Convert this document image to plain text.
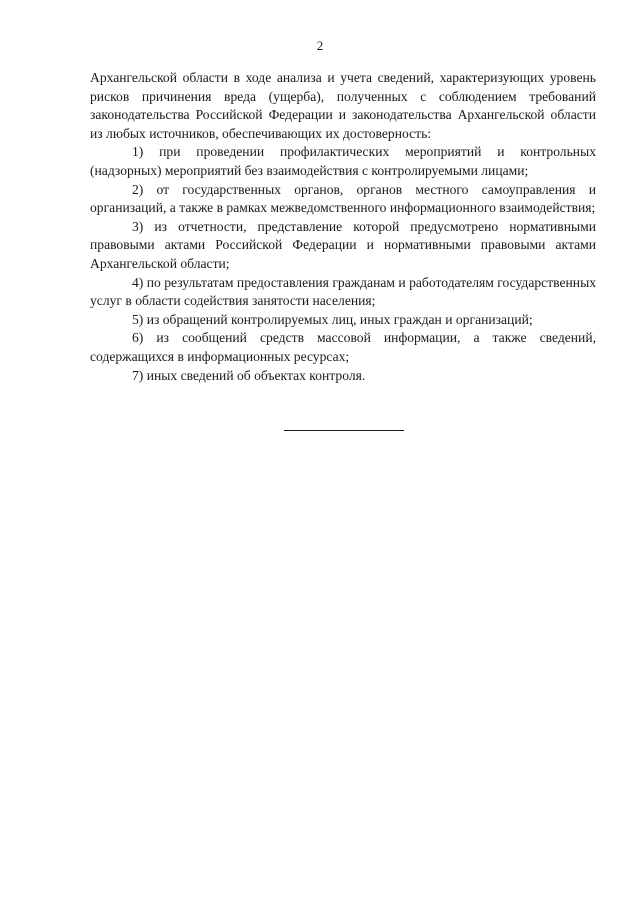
2

Архангельской области в ходе анализа и учета сведений, характеризующих уровень рисков причинения вреда (ущерба), полученных с соблюдением требований законодательства Российской Федерации и законодательства Архангельской области из любых источников, обеспечивающих их достоверность:

1) при проведении профилактических мероприятий и контрольных (надзорных) мероприятий без взаимодействия с контролируемыми лицами;

2) от государственных органов, органов местного самоуправления и организаций, а также в рамках межведомственного информационного взаимодействия;

3) из отчетности, представление которой предусмотрено нормативными правовыми актами Российской Федерации и нормативными правовыми актами Архангельской области;

4) по результатам предоставления гражданам и работодателям государственных услуг в области содействия занятости населения;

5) из обращений контролируемых лиц, иных граждан и организаций;

6) из сообщений средств массовой информации, а также сведений, содержащихся в информационных ресурсах;

7) иных сведений об объектах контроля.
